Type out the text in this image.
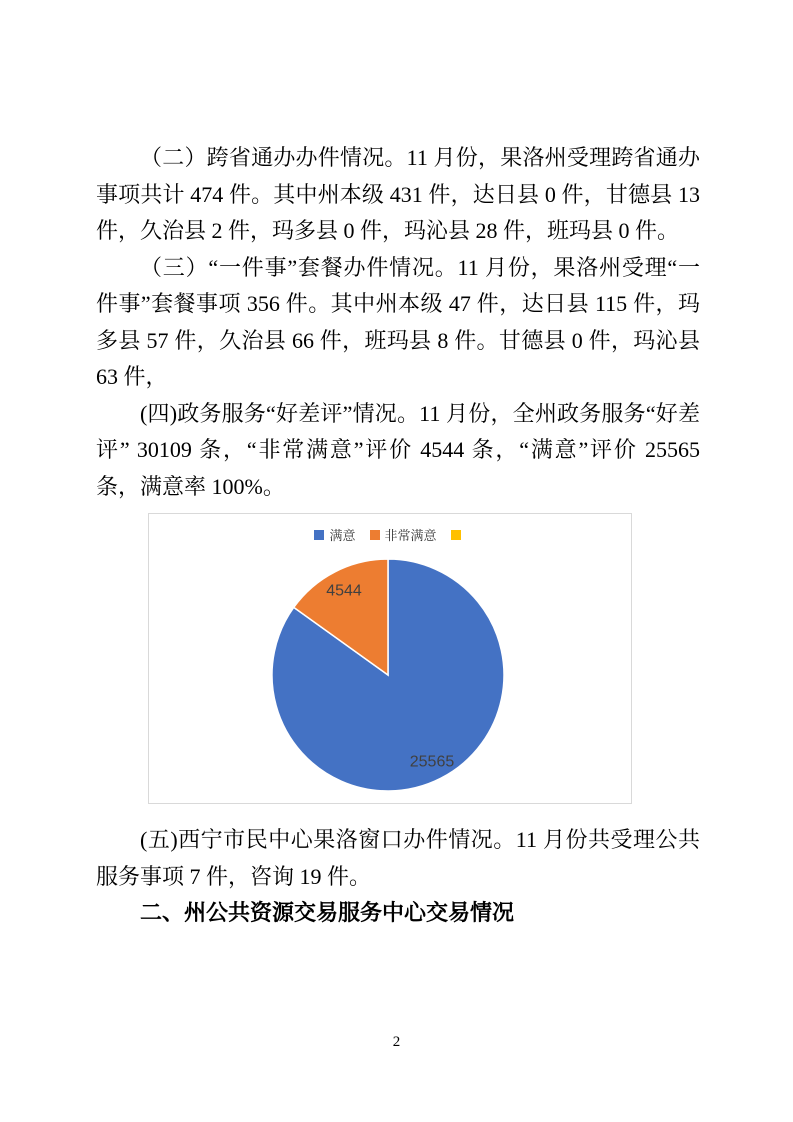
（二）跨省通办办件情况。11 月份，果洛州受理跨省通办事项共计 474 件。其中州本级 431 件，达日县 0 件，甘德县 13 件，久治县 2 件，玛多县 0 件，玛沁县 28 件，班玛县 0 件。

（三）“一件事”套餐办件情况。11 月份，果洛州受理“一件事”套餐事项 356 件。其中州本级 47 件，达日县 115 件，玛多县 57 件，久治县 66 件，班玛县 8 件。甘德县 0 件，玛沁县 63 件，

(四)政务服务“好差评”情况。11 月份，全州政务服务“好差评” 30109 条，“非常满意”评价 4544 条，“满意”评价 25565 条，满意率 100%。

满意 非常满意
25565
4544

(五)西宁市民中心果洛窗口办件情况。11 月份共受理公共服务事项 7 件，咨询 19 件。

二、州公共资源交易服务中心交易情况
2
